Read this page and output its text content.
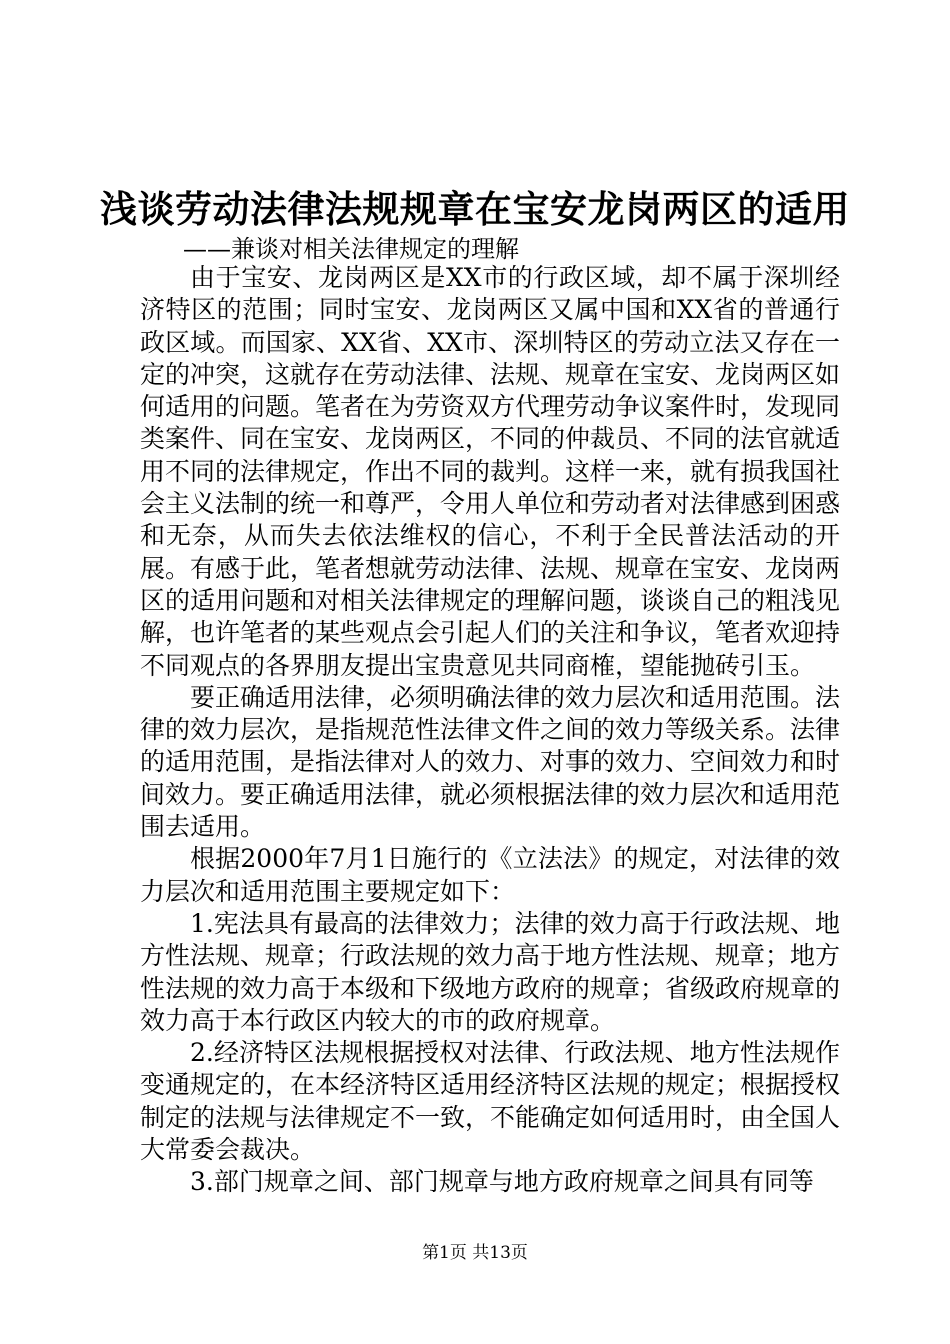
浅谈劳动法律法规规章在宝安龙岗两区的适用
——兼谈对相关法律规定的理解

由于宝安、龙岗两区是XX市的行政区域，却不属于深圳经济特区的范围；同时宝安、龙岗两区又属中国和XX省的普通行政区域。而国家、XX省、XX市、深圳特区的劳动立法又存在一定的冲突，这就存在劳动法律、法规、规章在宝安、龙岗两区如何适用的问题。笔者在为劳资双方代理劳动争议案件时，发现同类案件、同在宝安、龙岗两区，不同的仲裁员、不同的法官就适用不同的法律规定，作出不同的裁判。这样一来，就有损我国社会主义法制的统一和尊严，令用人单位和劳动者对法律感到困惑和无奈，从而失去依法维权的信心，不利于全民普法活动的开展。有感于此，笔者想就劳动法律、法规、规章在宝安、龙岗两区的适用问题和对相关法律规定的理解问题，谈谈自己的粗浅见解，也许笔者的某些观点会引起人们的关注和争议，笔者欢迎持不同观点的各界朋友提出宝贵意见共同商榷，望能抛砖引玉。

要正确适用法律，必须明确法律的效力层次和适用范围。法律的效力层次，是指规范性法律文件之间的效力等级关系。法律的适用范围，是指法律对人的效力、对事的效力、空间效力和时间效力。要正确适用法律，就必须根据法律的效力层次和适用范围去适用。

根据2000年7月1日施行的《立法法》的规定，对法律的效力层次和适用范围主要规定如下：

1.宪法具有最高的法律效力；法律的效力高于行政法规、地方性法规、规章；行政法规的效力高于地方性法规、规章；地方性法规的效力高于本级和下级地方政府的规章；省级政府规章的效力高于本行政区内较大的市的政府规章。

2.经济特区法规根据授权对法律、行政法规、地方性法规作变通规定的，在本经济特区适用经济特区法规的规定；根据授权制定的法规与法律规定不一致，不能确定如何适用时，由全国人大常委会裁决。

3.部门规章之间、部门规章与地方政府规章之间具有同等

第1页 共13页
